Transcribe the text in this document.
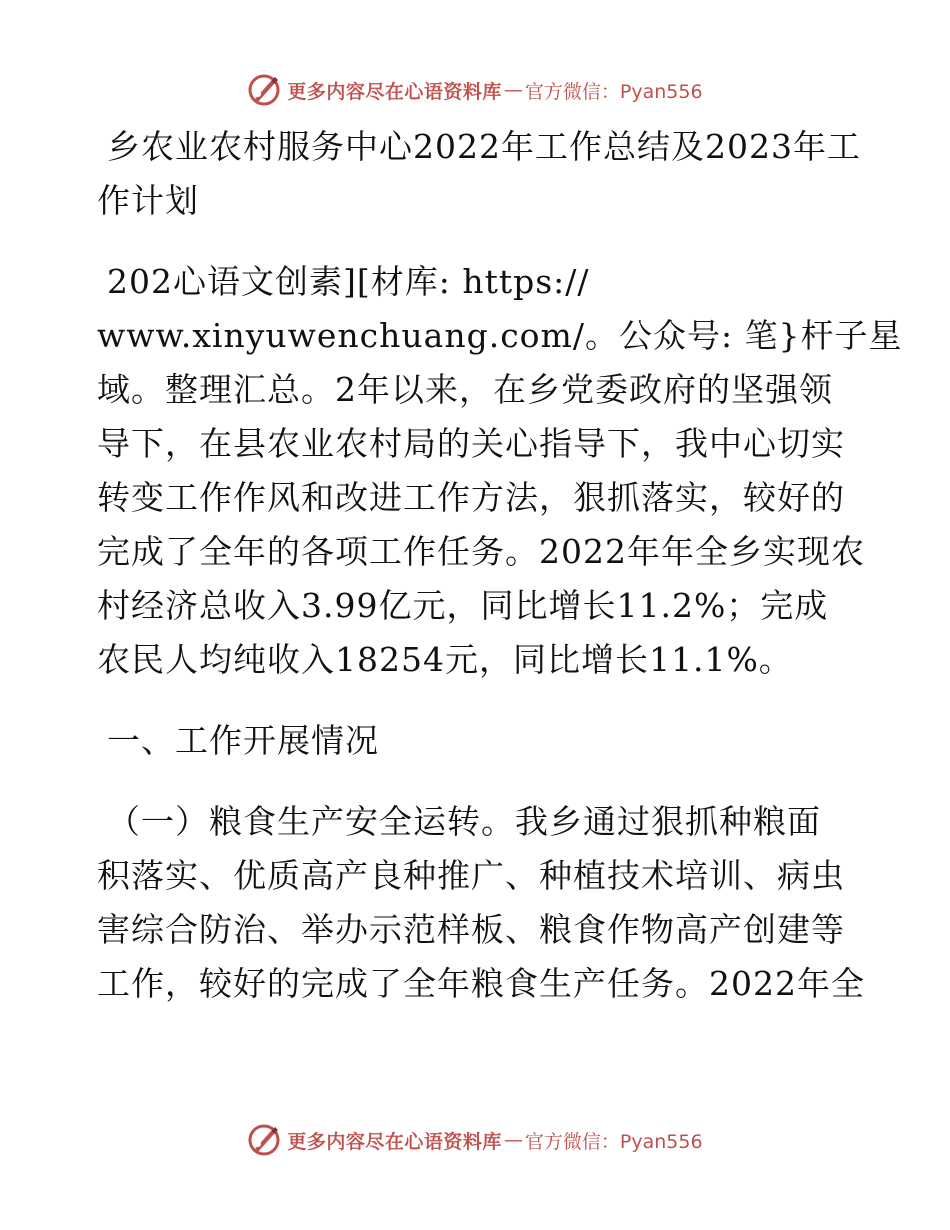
更多内容尽在心语资料库 — 官方微信：Pyan556
乡农业农村服务中心2022年工作总结及2023年工
作计划
202心语文创素][材库: https://
www.xinyuwenchuang.com/。公众号: 笔}杆子星
域。整理汇总。2年以来，在乡党委政府的坚强领
导下，在县农业农村局的关心指导下，我中心切实
转变工作作风和改进工作方法，狠抓落实，较好的
完成了全年的各项工作任务。2022年年全乡实现农
村经济总收入3.99亿元，同比增长11.2%；完成
农民人均纯收入18254元，同比增长11.1%。
一、工作开展情况
（一）粮食生产安全运转。我乡通过狠抓种粮面
积落实、优质高产良种推广、种植技术培训、病虫
害综合防治、举办示范样板、粮食作物高产创建等
工作，较好的完成了全年粮食生产任务。2022年全
更多内容尽在心语资料库 — 官方微信：Pyan556
